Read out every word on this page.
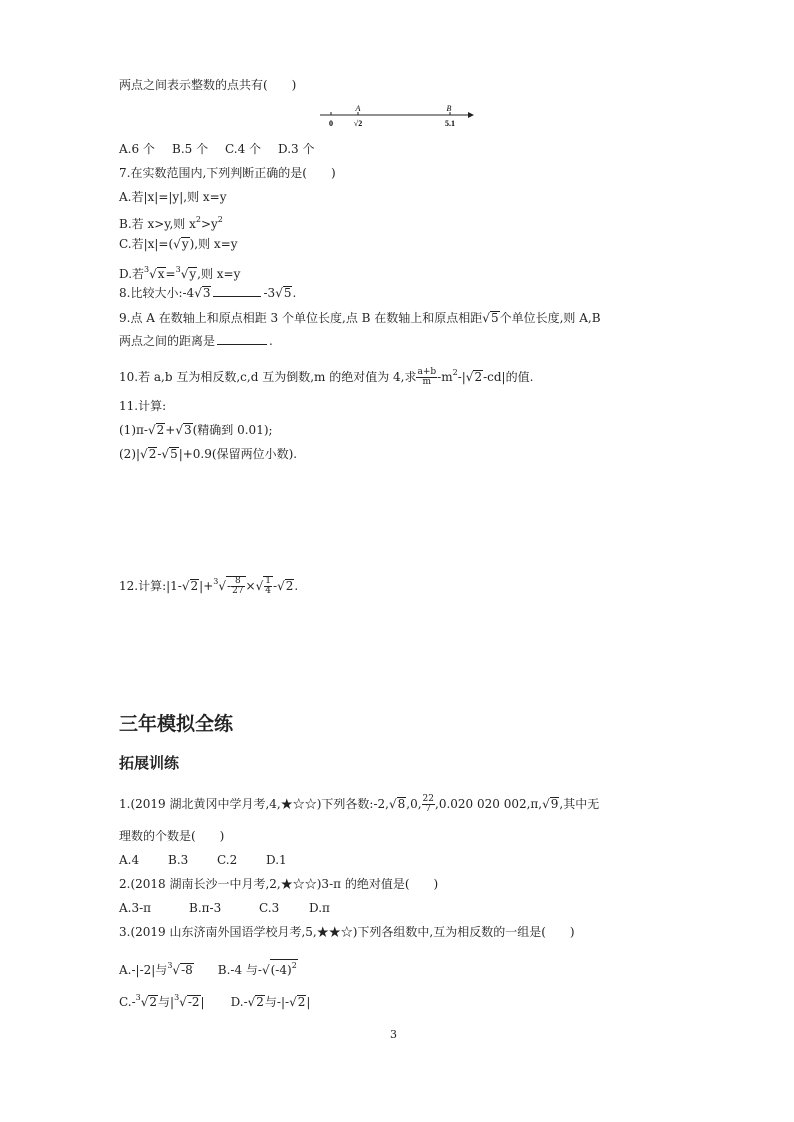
两点之间表示整数的点共有(　　)
A	B
0	√2	5.1
A.6 个 B.5 个 C.4 个 D.3 个
7.在实数范围内,下列判断正确的是(　　)
A.若|x|=|y|,则 x=y
B.若 x>y,则 $x^2>y^2$
C.若|x|=(√y),则 x=y
D.若$^3$√x=$^3$√y,则 x=y
8.比较大小:-4√3	-3√5.
9.点 A 在数轴上和原点相距 3 个单位长度,点 B 在数轴上和原点相距√5个单位长度,则 A,B
两点之间的距离是	.
10.若 a,b 互为相反数,c,d 互为倒数,m 的绝对值为 4,求 $\frac{a+b}{m} -m^2-|√2-cd|$的值.
11.计算:
(1)π-√2+√3(精确到 0.01);
(2)|√2-√5|+0.9(保留两位小数).
12.计算:|1-√2|+$^3$√- $\frac{8}{27}$ ×√ $\frac{1}{4} -√2$.
三年模拟全练
拓展训练
1.(2019 湖北黄冈中学月考,4,★☆☆)下列各数:-2,√8,0, $\frac{22}{7} ,0.020$ 020 002,π,√9,其中无
理数的个数是(　　)
A.4 B.3 C.2 D.1
2.(2018 湖南长沙一中月考,2,★☆☆)3-π 的绝对值是(　　)
A.3-π	B.π-3	C.3 D.π
3.(2019 山东济南外国语学校月考,5,★★☆)下列各组数中,互为相反数的一组是(　　)
A.-|-2|与$^3$√-8 B.-4 与$-√(-4)^2$
C.-$^3$√2与$|^3√-2|$ D.-√2与-|-√2|
3
